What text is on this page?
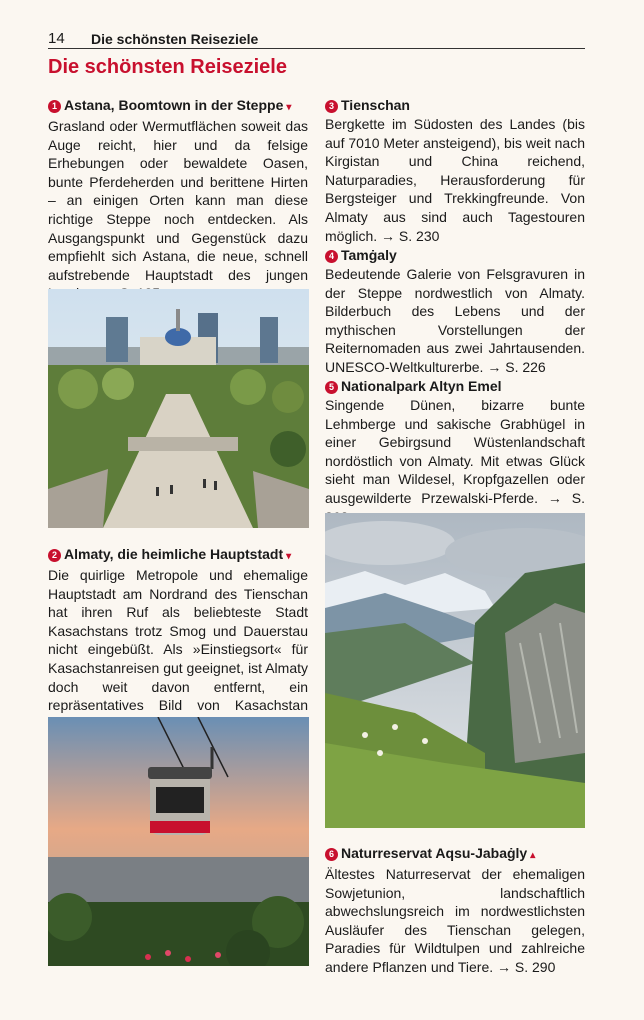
14 Die schönsten Reiseziele
Die schönsten Reiseziele

1 Astana, Boomtown in der Steppe ▾

Grasland oder Wermutflächen soweit das Auge reicht, hier und da felsige Erhebungen oder bewaldete Oasen, bunte Pferdeherden und berittene Hirten – an einigen Orten kann man diese richtige Steppe noch entdecken. Als Ausgangspunkt und Gegenstück dazu empfiehlt sich Astana, die neue, schnell aufstrebende Hauptstadt des jungen

2 Almaty, die heimliche Hauptstadt ▾

Die quirlige Metropole und ehemalige Hauptstadt am Nordrand des Tienschan hat ihren Ruf als beliebteste Stadt Kasachstans trotz Smog und Dauerstau nicht eingebüßt. Als »Einstiegsort« für Kasachstanreisen gut geeignet, ist Almaty doch weit davon entfernt, ein repräsentatives Bild von Kasachstan

3 Tienschan

Bergkette im Südosten des Landes (bis auf 7010 Meter ansteigend), bis weit nach Kirgistan und China reichend, Naturparadies, Herausforderung für Bergsteiger und Trekkingfreunde. Von Almaty aus sind auch Tagestouren möglich. → S. 230

4 Tamġaly

Bedeutende Galerie von Felsgravuren in der Steppe nordwestlich von Almaty. Bilderbuch des Lebens und der mythischen Vorstellungen der Reiternomaden aus zwei Jahrtausenden. UNESCO-Weltkulturerbe. → S. 226

5 Nationalpark Altyn Emel

Singende Dünen, bizarre bunte Lehmberge und sakische Grabhügel in einer Gebirgsund Wüstenlandschaft nordöstlich von Almaty. Mit etwas Glück sieht man Wildesel, Kropfgazellen oder ausgewilderte Przewalski-Pferde. → S.

6 Naturreservat Aqsu-Jabaġly ▴

Ältestes Naturreservat der ehemaligen Sowjetunion, landschaftlich abwechslungsreich im nordwestlichsten Ausläufer des Tienschan gelegen, Paradies für Wildtulpen und zahlreiche andere Pflanzen und Tiere. → S. 290
